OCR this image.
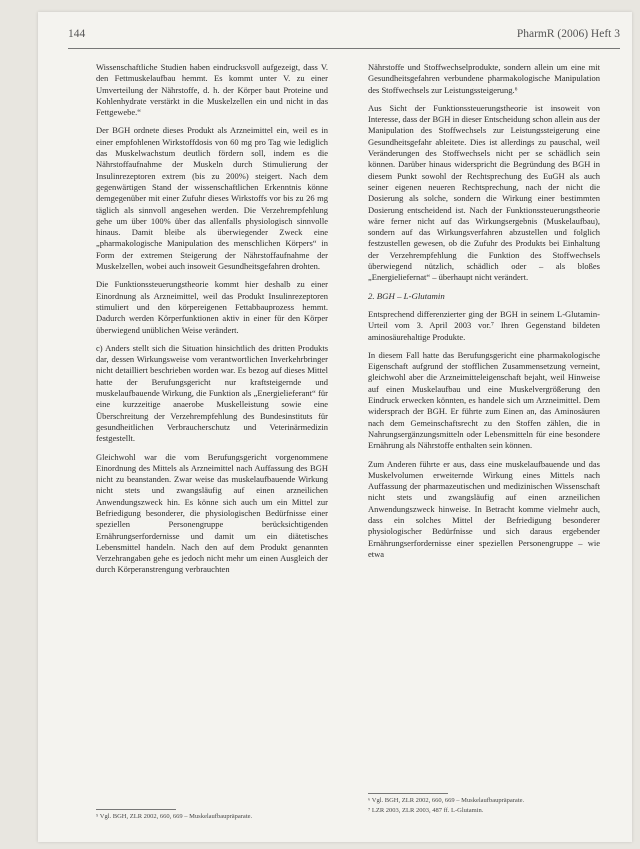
144	PharmR (2006) Heft 3

Wissenschaftliche Studien haben eindrucksvoll aufgezeigt, dass V. den Fettmuskelaufbau hemmt. Es kommt unter V. zu einer Umverteilung der Nährstoffe, d. h. der Körper baut Proteine und Kohlenhydrate verstärkt in die Muskelzellen ein und nicht in das Fettgewebe.“

Der BGH ordnete dieses Produkt als Arzneimittel ein, weil es in einer empfohlenen Wirkstoffdosis von 60 mg pro Tag wie lediglich das Muskelwachstum deutlich fördern soll, indem es die Nährstoffaufnahme der Muskeln durch Stimulierung der Insulinrezeptoren extrem (bis zu 200%) steigert. Nach dem gegenwärtigen Stand der wissenschaftlichen Erkenntnis könne demgegenüber mit einer Zufuhr dieses Wirkstoffs vor bis zu 26 mg täglich als sinnvoll angesehen werden. Die Verzehrempfehlung gehe um über 100% über das allenfalls physiologisch sinnvolle hinaus. Damit bleibe als überwiegender Zweck eine „pharmakologische Manipulation des menschlichen Körpers“ in Form der extremen Steigerung der Nährstoffaufnahme der Muskelzellen, wobei auch insoweit Gesundheitsgefahren drohten.

Die Funktionssteuerungstheorie kommt hier deshalb zu einer Einordnung als Arzneimittel, weil das Produkt Insulinrezeptoren stimuliert und den körpereigenen Fettabbauprozess hemmt. Dadurch werden Körperfunktionen aktiv in einer für den Körper überwiegend unüblichen Weise verändert.

c) Anders stellt sich die Situation hinsichtlich des dritten Produkts dar, dessen Wirkungsweise vom verantwortlichen Inverkehrbringer nicht detailliert beschrieben worden war. Es bezog auf dieses Mittel hatte der Berufungsgericht nur kraftsteigernde und muskelaufbauende Wirkung, die Funktion als „Energielieferant“ für eine kurzzeitige anaerobe Muskelleistung sowie eine Überschreitung der Verzehrempfehlung des Bundesinstituts für gesundheitlichen Verbraucherschutz und Veterinärmedizin festgestellt.

Gleichwohl war die vom Berufungsgericht vorgenommene Einordnung des Mittels als Arzneimittel nach Auffassung des BGH nicht zu beanstanden. Zwar weise das muskelaufbauende Wirkung nicht stets und zwangsläufig auf einen arzneilichen Anwendungszweck hin. Es könne sich auch um ein Mittel zur Befriedigung besonderer, die physiologischen Bedürfnisse einer speziellen Personengruppe berücksichtigenden Ernährungserfordernisse und damit um ein diätetisches Lebensmittel handeln. Nach den auf dem Produkt genannten Verzehrangaben gehe es jedoch nicht mehr um einen Ausgleich der durch Körperanstrengung verbrauchten

Nährstoffe und Stoffwechselprodukte, sondern allein um eine mit Gesundheitsgefahren verbundene pharmakologische Manipulation des Stoffwechsels zur Leistungssteigerung.⁶

Aus Sicht der Funktionssteuerungstheorie ist insoweit von Interesse, dass der BGH in dieser Entscheidung schon allein aus der Manipulation des Stoffwechsels zur Leistungssteigerung eine Gesundheitsgefahr ableitete. Dies ist allerdings zu pauschal, weil Veränderungen des Stoffwechsels nicht per se schädlich sein können. Darüber hinaus widerspricht die Begründung des BGH in diesem Punkt sowohl der Rechtsprechung des EuGH als auch seiner eigenen neueren Rechtsprechung, nach der nicht die Dosierung als solche, sondern die Wirkung einer bestimmten Dosierung entscheidend ist. Nach der Funktionssteuerungstheorie wäre ferner nicht auf das Wirkungsergebnis (Muskelaufbau), sondern auf das Wirkungsverfahren abzustellen und folglich festzustellen gewesen, ob die Zufuhr des Produkts bei Einhaltung der Verzehrempfehlung die Funktion des Stoffwechsels überwiegend nützlich, schädlich oder – als bloßes „Energieliefernat“ – überhaupt nicht verändert.

2. BGH – L-Glutamin

Entsprechend differenzierter ging der BGH in seinem L-Glutamin-Urteil vom 3. April 2003 vor.⁷ Ihren Gegenstand bildeten aminosäurehaltige Produkte.

In diesem Fall hatte das Berufungsgericht eine pharmakologische Eigenschaft aufgrund der stofflichen Zusammensetzung verneint, gleichwohl aber die Arzneimitteleigenschaft bejaht, weil Hinweise auf einen Muskelaufbau und eine Muskelvergrößerung den Eindruck erwecken könnten, es handele sich um Arzneimittel. Dem widersprach der BGH. Er führte zum Einen an, das Aminosäuren nach dem Gemeinschaftsrecht zu den Stoffen zählen, die in Nahrungsergänzungsmitteln oder Lebensmitteln für eine besondere Ernährung als Nährstoffe enthalten sein können.

Zum Anderen führte er aus, dass eine muskelaufbauende und das Muskelvolumen erweiternde Wirkung eines Mittels nach Auffassung der pharmazeutischen und medizinischen Wissenschaft nicht stets und zwangsläufig auf einen arzneilichen Anwendungszweck hinweise. In Betracht komme vielmehr auch, dass ein solches Mittel der Befriedigung besonderer physiologischer Bedürfnisse und sich daraus ergebender Ernährungserfordernisse einer speziellen Personengruppe – wie etwa

⁵ Vgl. BGH, ZLR 2002, 660, 669 – Muskelaufbaupräparate.
⁶ Vgl. BGH, ZLR 2002, 660, 669 – Muskelaufbaupräparate.
⁷ LZR 2003, ZLR 2003, 487 ff. L-Glutamin.
